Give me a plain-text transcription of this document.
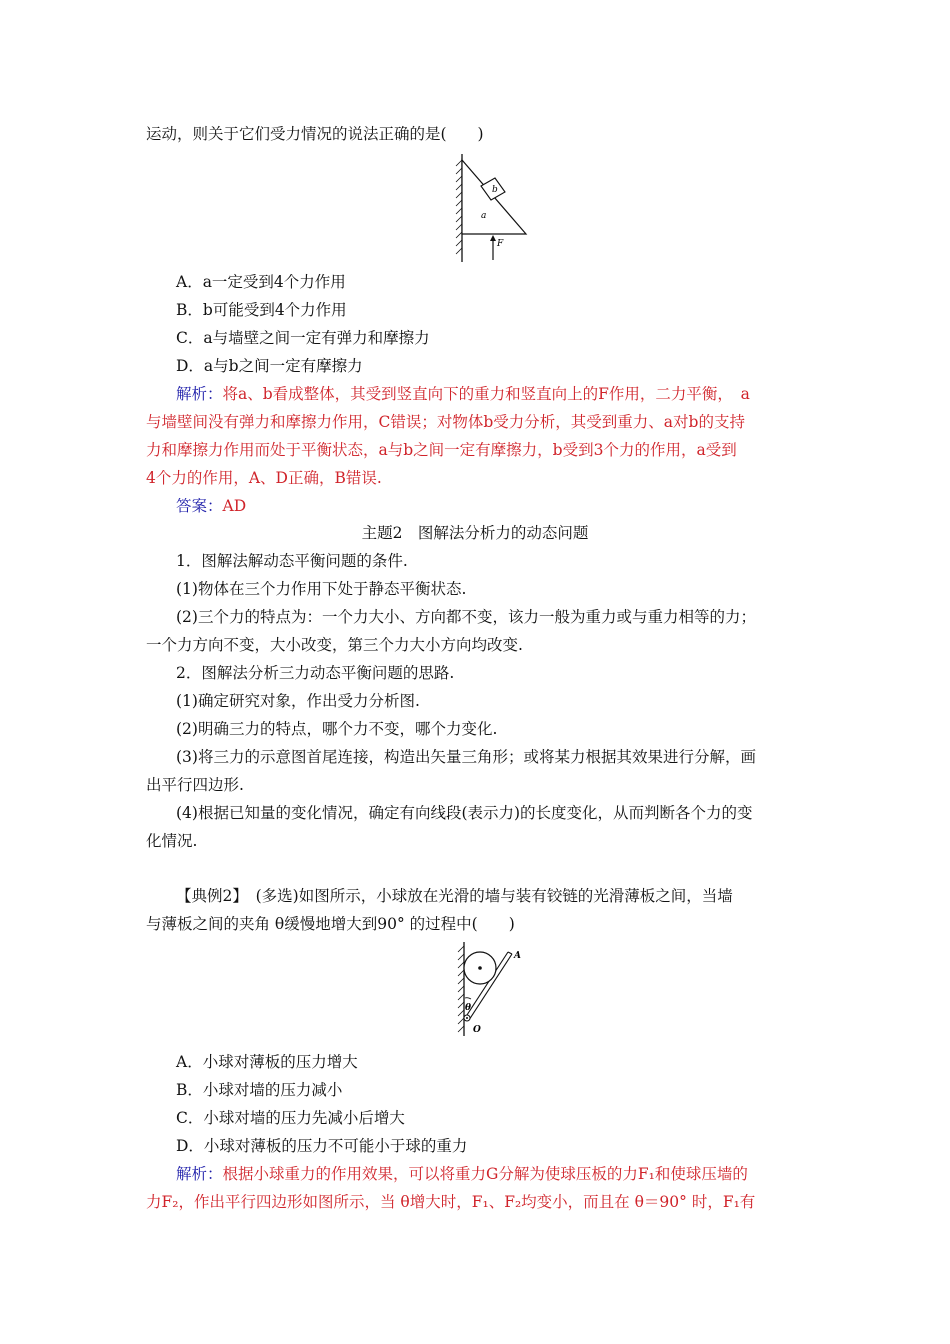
运动，则关于它们受力情况的说法正确的是(　　)
b
a
F
A．a一定受到4个力作用
B．b可能受到4个力作用
C．a与墙壁之间一定有弹力和摩擦力
D．a与b之间一定有摩擦力
解析：将a、b看成整体，其受到竖直向下的重力和竖直向上的F作用，二力平衡，　a
与墙壁间没有弹力和摩擦力作用，C错误；对物体b受力分析，其受到重力、a对b的支持
力和摩擦力作用而处于平衡状态，a与b之间一定有摩擦力，b受到3个力的作用，a受到
4个力的作用，A、D正确，B错误.
答案：AD
主题2　图解法分析力的动态问题
1．图解法解动态平衡问题的条件.
(1)物体在三个力作用下处于静态平衡状态.
(2)三个力的特点为：一个力大小、方向都不变，该力一般为重力或与重力相等的力；
一个力方向不变，大小改变，第三个力大小方向均改变.
2．图解法分析三力动态平衡问题的思路.
(1)确定研究对象，作出受力分析图.
(2)明确三力的特点，哪个力不变，哪个力变化.
(3)将三力的示意图首尾连接，构造出矢量三角形；或将某力根据其效果进行分解，画
出平行四边形.
(4)根据已知量的变化情况，确定有向线段(表示力)的长度变化，从而判断各个力的变
化情况.
【典例2】　(多选)如图所示，小球放在光滑的墙与装有铰链的光滑薄板之间，当墙
与薄板之间的夹角 θ缓慢地增大到90° 的过程中(　　)
θ
O
A
A．小球对薄板的压力增大
B．小球对墙的压力减小
C．小球对墙的压力先减小后增大
D．小球对薄板的压力不可能小于球的重力
解析：根据小球重力的作用效果，可以将重力G分解为使球压板的力F₁和使球压墙的
力F₂，作出平行四边形如图所示，当 θ增大时，F₁、F₂均变小，而且在 θ＝90° 时，F₁有
